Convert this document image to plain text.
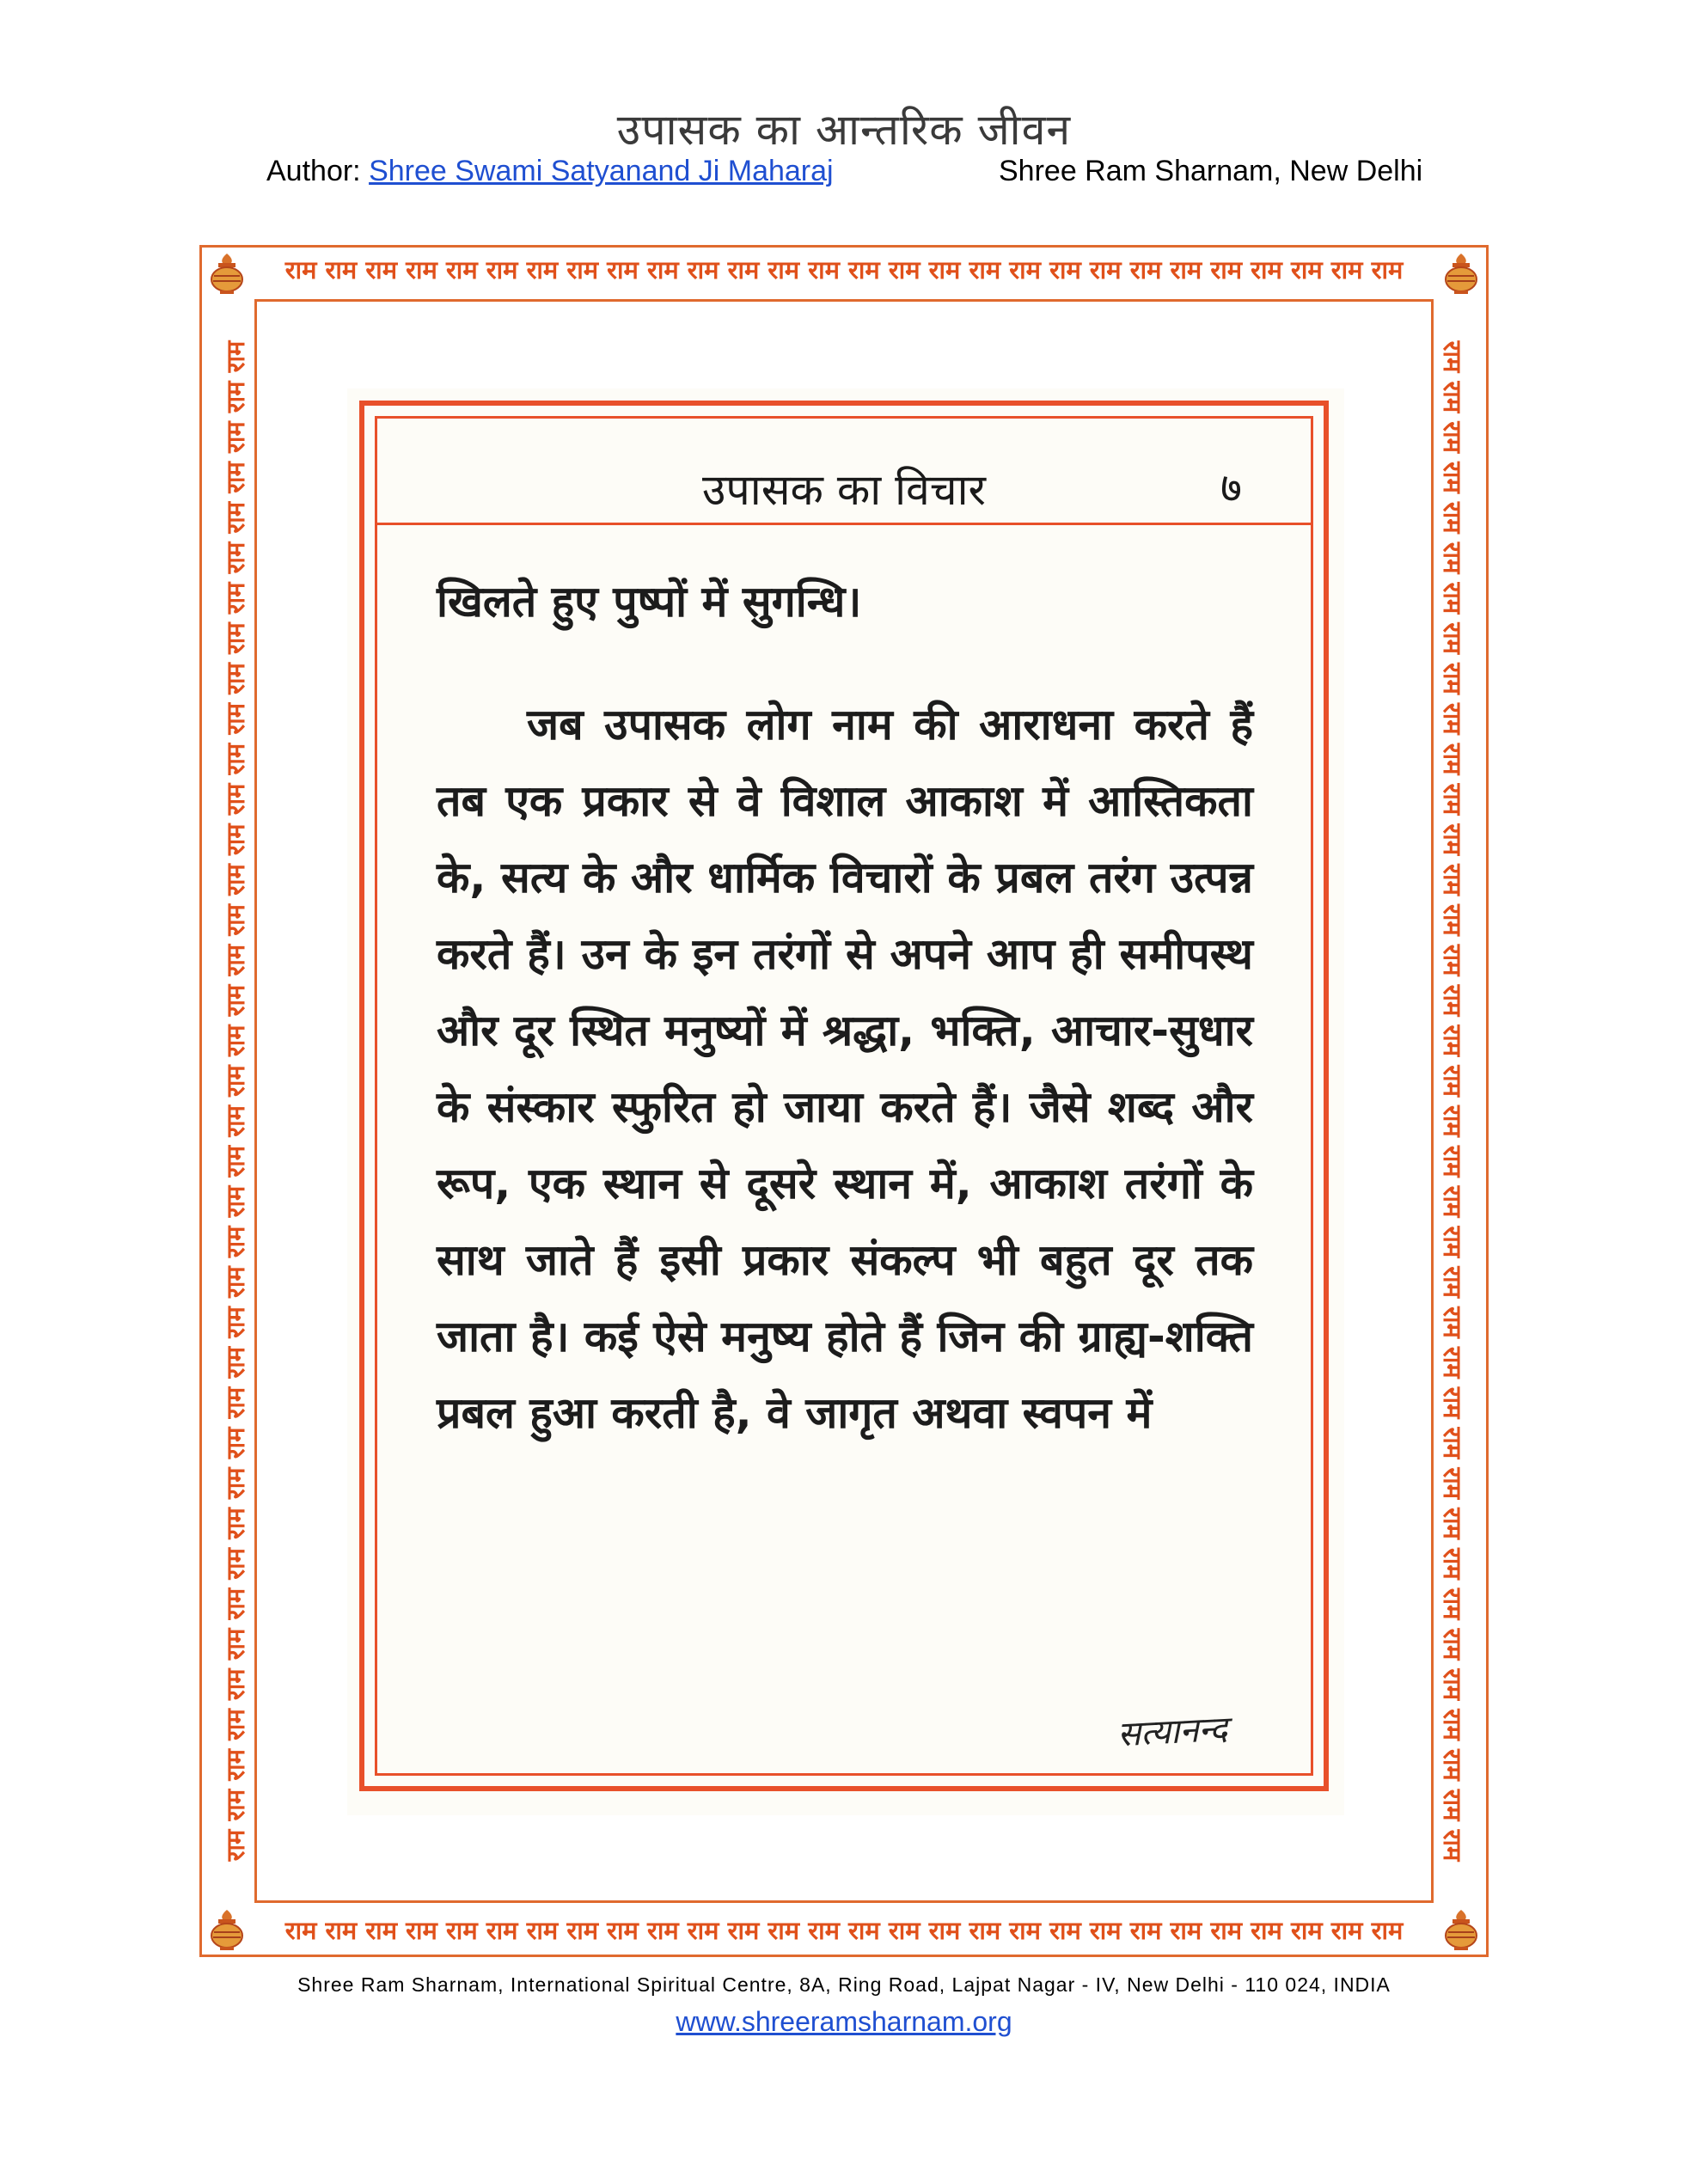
उपासक का आन्तरिक जीवन
Author: Shree Swami Satyanand Ji Maharaj	Shree Ram Sharnam, New Delhi
राम राम राम राम राम राम राम राम राम राम राम राम राम राम राम राम राम राम राम राम राम राम राम राम राम राम राम राम
राम राम राम राम राम राम राम राम राम राम राम राम राम राम राम राम राम राम राम राम राम राम राम राम राम राम राम राम
राम राम राम राम राम राम राम राम राम राम राम राम राम राम राम राम राम राम राम राम राम राम राम राम राम राम राम राम राम राम राम राम राम राम राम राम राम राम	राम राम राम राम राम राम राम राम राम राम राम राम राम राम राम राम राम राम राम राम राम राम राम राम राम राम राम राम राम राम राम राम राम राम राम राम राम राम
उपासक का विचार	७

खिलते हुए पुष्पों में सुगन्धि।

जब उपासक लोग नाम की आराधना करते हैं तब एक प्रकार से वे विशाल आकाश में आस्तिकता के, सत्य के और धार्मिक विचारों के प्रबल तरंग उत्पन्न करते हैं। उन के इन तरंगों से अपने आप ही समीपस्थ और दूर स्थित मनुष्यों में श्रद्धा, भक्ति, आचार-सुधार के संस्कार स्फुरित हो जाया करते हैं। जैसे शब्द और रूप, एक स्थान से दूसरे स्थान में, आकाश तरंगों के साथ जाते हैं इसी प्रकार संकल्प भी बहुत दूर तक जाता है। कई ऐसे मनुष्य होते हैं जिन की ग्राह्य-शक्ति प्रबल हुआ करती है, वे जागृत अथवा स्वपन में

सत्यानन्द
Shree Ram Sharnam, International Spiritual Centre, 8A, Ring Road, Lajpat Nagar - IV, New Delhi - 110 024, INDIA
www.shreeramsharnam.org
